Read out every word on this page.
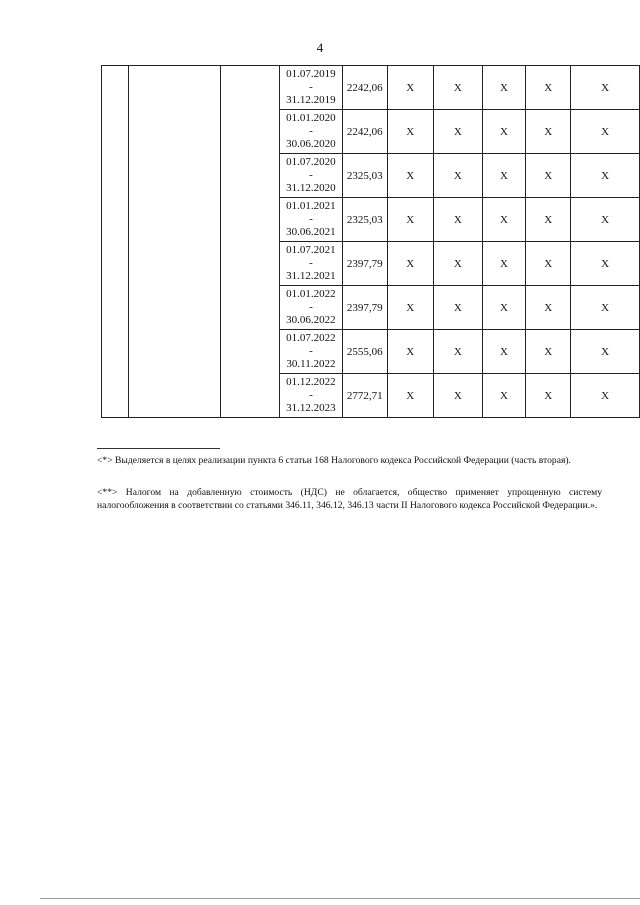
4

			01.07.2019
-
31.12.2019	2242,06	Х	Х	Х	Х	Х

			01.01.2020
-
30.06.2020	2242,06	Х	Х	Х	Х	Х

			01.07.2020
-
31.12.2020	2325,03	Х	Х	Х	Х	Х

			01.01.2021
-
30.06.2021	2325,03	Х	Х	Х	Х	Х

			01.07.2021
-
31.12.2021	2397,79	Х	Х	Х	Х	Х

			01.01.2022
-
30.06.2022	2397,79	Х	Х	Х	Х	Х

			01.07.2022
-
30.11.2022	2555,06	Х	Х	Х	Х	Х

			01.12.2022
-
31.12.2023	2772,71	Х	Х	Х	Х	Х
<*> Выделяется в целях реализации пункта 6 статьи 168 Налогового кодекса Российской Федерации (часть вторая).
<**> Налогом на добавленную стоимость (НДС) не облагается, общество применяет упрощенную систему налогообложения в соответствии со статьями 346.11, 346.12, 346.13 части II Налогового кодекса Российской Федерации.».
